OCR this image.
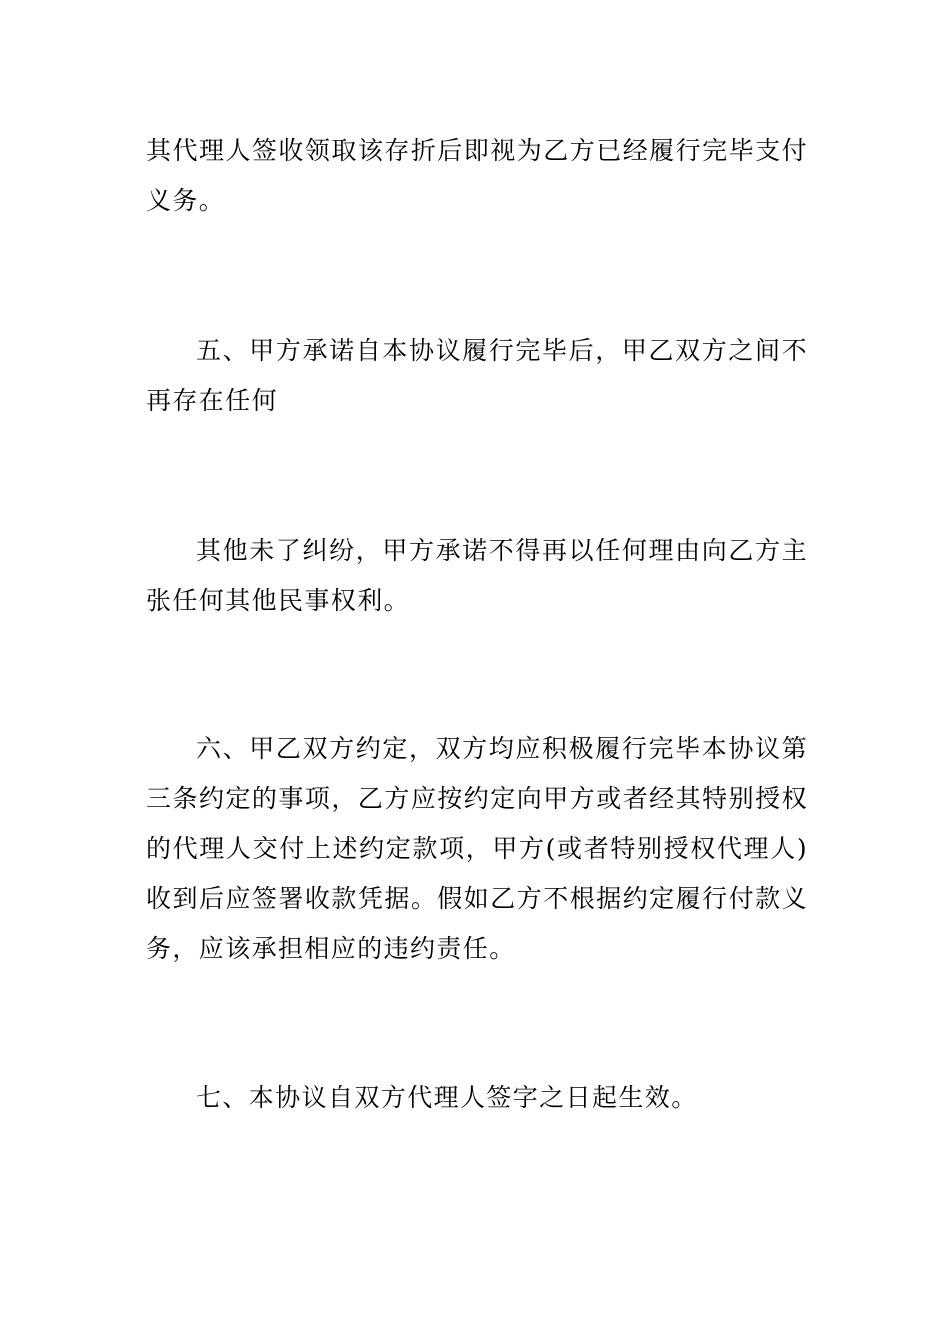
其代理人签收领取该存折后即视为乙方已经履行完毕支付义务。

五、甲方承诺自本协议履行完毕后，甲乙双方之间不再存在任何

其他未了纠纷，甲方承诺不得再以任何理由向乙方主张任何其他民事权利。

六、甲乙双方约定，双方均应积极履行完毕本协议第三条约定的事项，乙方应按约定向甲方或者经其特别授权的代理人交付上述约定款项，甲方(或者特别授权代理人)收到后应签署收款凭据。假如乙方不根据约定履行付款义务，应该承担相应的违约责任。

七、本协议自双方代理人签字之日起生效。
